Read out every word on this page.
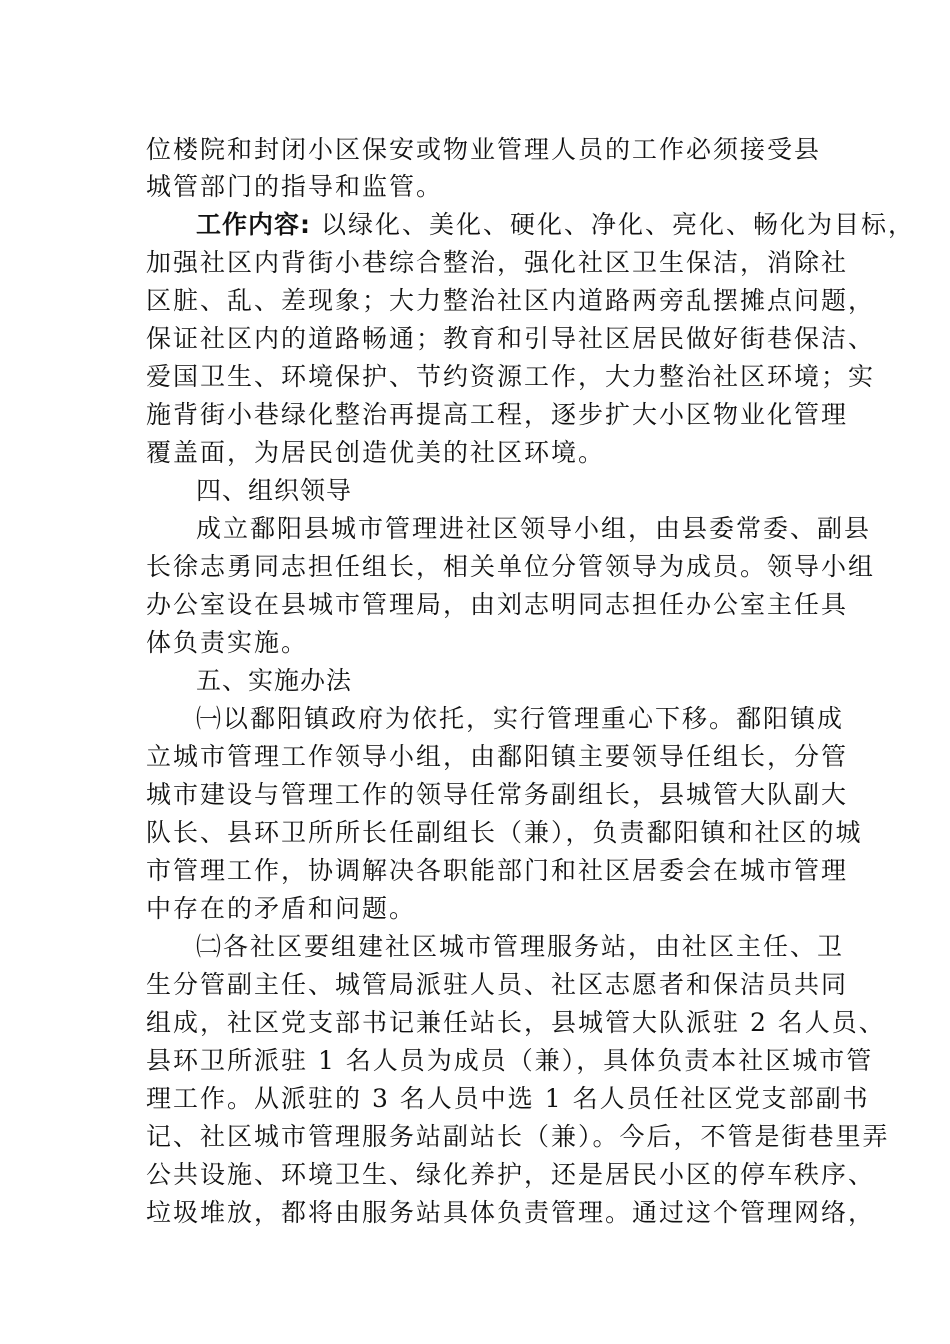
位楼院和封闭小区保安或物业管理人员的工作必须接受县
城管部门的指导和监管。
工作内容: 以绿化、美化、硬化、净化、亮化、畅化为目标，
加强社区内背街小巷综合整治，强化社区卫生保洁，消除社
区脏、乱、差现象；大力整治社区内道路两旁乱摆摊点问题，
保证社区内的道路畅通；教育和引导社区居民做好街巷保洁、
爱国卫生、环境保护、节约资源工作，大力整治社区环境；实
施背街小巷绿化整治再提高工程，逐步扩大小区物业化管理
覆盖面，为居民创造优美的社区环境。
四、组织领导
成立鄱阳县城市管理进社区领导小组，由县委常委、副县
长徐志勇同志担任组长，相关单位分管领导为成员。领导小组
办公室设在县城市管理局，由刘志明同志担任办公室主任具
体负责实施。
五、实施办法
㈠以鄱阳镇政府为依托，实行管理重心下移。鄱阳镇成
立城市管理工作领导小组，由鄱阳镇主要领导任组长，分管
城市建设与管理工作的领导任常务副组长，县城管大队副大
队长、县环卫所所长任副组长（兼），负责鄱阳镇和社区的城
市管理工作，协调解决各职能部门和社区居委会在城市管理
中存在的矛盾和问题。
㈡各社区要组建社区城市管理服务站，由社区主任、卫
生分管副主任、城管局派驻人员、社区志愿者和保洁员共同
组成，社区党支部书记兼任站长，县城管大队派驻 2 名人员、
县环卫所派驻 1 名人员为成员（兼），具体负责本社区城市管
理工作。从派驻的 3 名人员中选 1 名人员任社区党支部副书
记、社区城市管理服务站副站长（兼）。今后，不管是街巷里弄
公共设施、环境卫生、绿化养护，还是居民小区的停车秩序、
垃圾堆放，都将由服务站具体负责管理。通过这个管理网络，
